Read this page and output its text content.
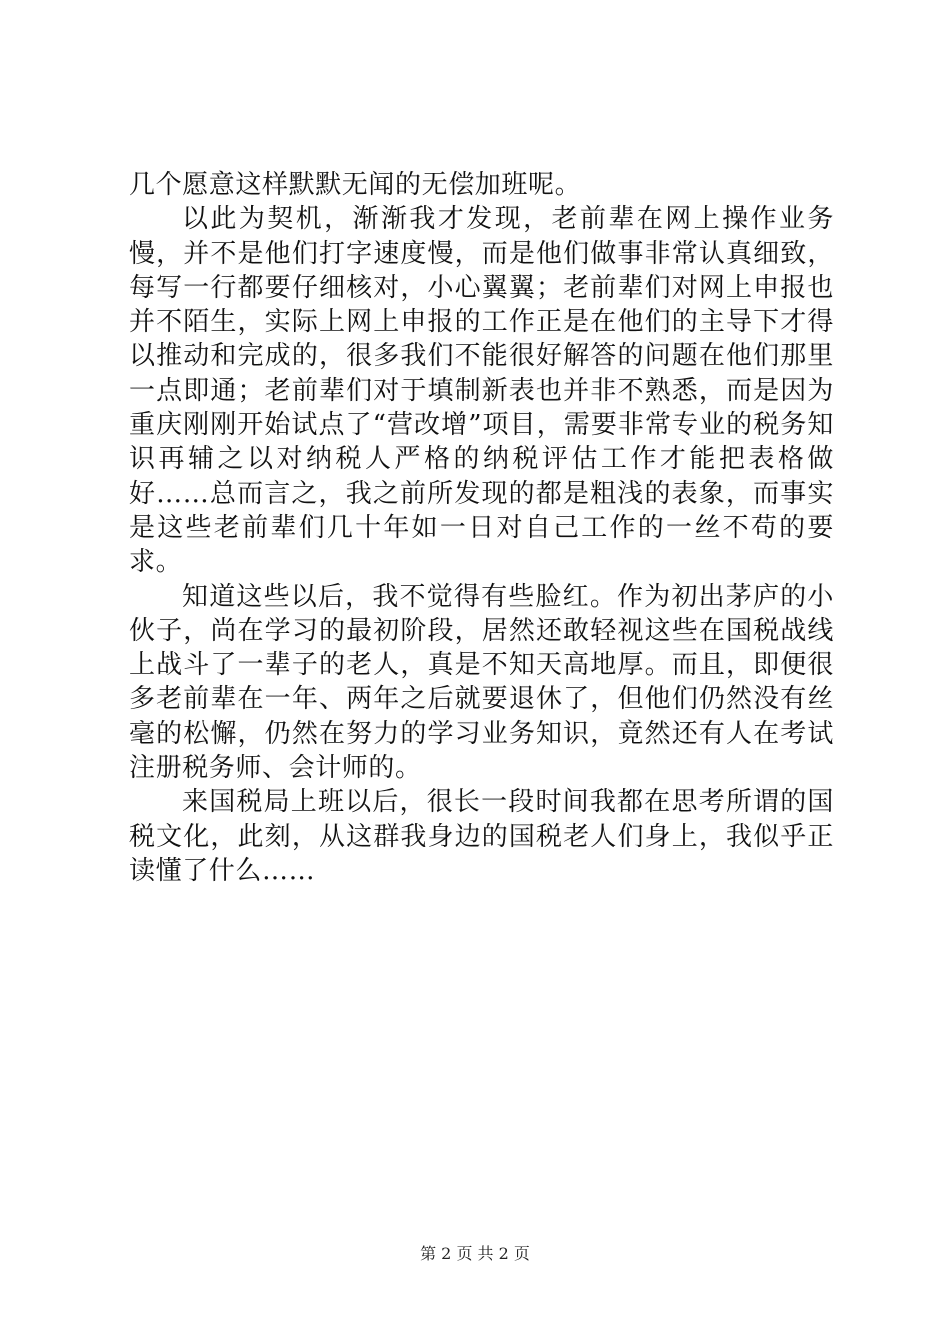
几个愿意这样默默无闻的无偿加班呢。

以此为契机，渐渐我才发现，老前辈在网上操作业务慢，并不是他们打字速度慢，而是他们做事非常认真细致，每写一行都要仔细核对，小心翼翼；老前辈们对网上申报也并不陌生，实际上网上申报的工作正是在他们的主导下才得以推动和完成的，很多我们不能很好解答的问题在他们那里一点即通；老前辈们对于填制新表也并非不熟悉，而是因为重庆刚刚开始试点了“营改增”项目，需要非常专业的税务知识再辅之以对纳税人严格的纳税评估工作才能把表格做好……总而言之，我之前所发现的都是粗浅的表象，而事实是这些老前辈们几十年如一日对自己工作的一丝不苟的要求。

知道这些以后，我不觉得有些脸红。作为初出茅庐的小伙子，尚在学习的最初阶段，居然还敢轻视这些在国税战线上战斗了一辈子的老人，真是不知天高地厚。而且，即便很多老前辈在一年、两年之后就要退休了，但他们仍然没有丝毫的松懈，仍然在努力的学习业务知识，竟然还有人在考试注册税务师、会计师的。

来国税局上班以后，很长一段时间我都在思考所谓的国税文化，此刻，从这群我身边的国税老人们身上，我似乎正读懂了什么……

第 2 页 共 2 页
